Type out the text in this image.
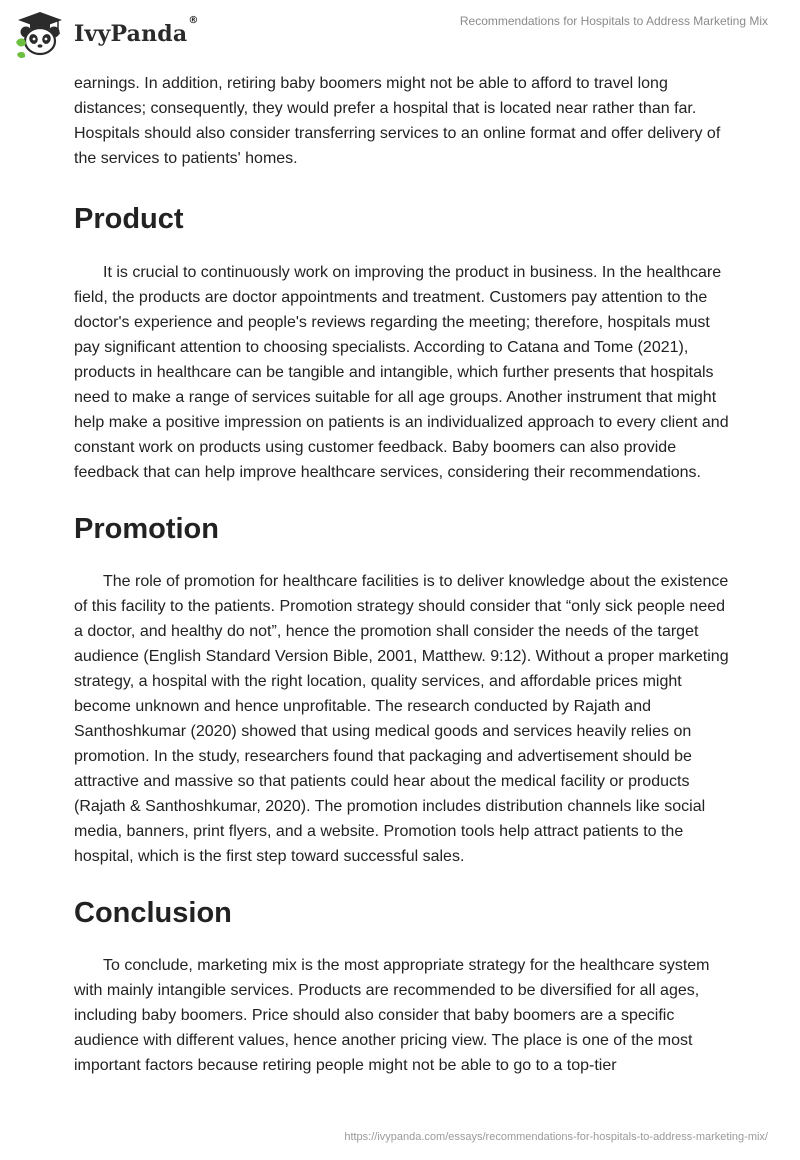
IvyPanda®	Recommendations for Hospitals to Address Marketing Mix

earnings. In addition, retiring baby boomers might not be able to afford to travel long distances; consequently, they would prefer a hospital that is located near rather than far. Hospitals should also consider transferring services to an online format and offer delivery of the services to patients' homes.

Product

It is crucial to continuously work on improving the product in business. In the healthcare field, the products are doctor appointments and treatment. Customers pay attention to the doctor's experience and people's reviews regarding the meeting; therefore, hospitals must pay significant attention to choosing specialists. According to Catana and Tome (2021), products in healthcare can be tangible and intangible, which further presents that hospitals need to make a range of services suitable for all age groups. Another instrument that might help make a positive impression on patients is an individualized approach to every client and constant work on products using customer feedback. Baby boomers can also provide feedback that can help improve healthcare services, considering their recommendations.

Promotion

The role of promotion for healthcare facilities is to deliver knowledge about the existence of this facility to the patients. Promotion strategy should consider that “only sick people need a doctor, and healthy do not”, hence the promotion shall consider the needs of the target audience (English Standard Version Bible, 2001, Matthew. 9:12). Without a proper marketing strategy, a hospital with the right location, quality services, and affordable prices might become unknown and hence unprofitable. The research conducted by Rajath and Santhoshkumar (2020) showed that using medical goods and services heavily relies on promotion. In the study, researchers found that packaging and advertisement should be attractive and massive so that patients could hear about the medical facility or products (Rajath & Santhoshkumar, 2020). The promotion includes distribution channels like social media, banners, print flyers, and a website. Promotion tools help attract patients to the hospital, which is the first step toward successful sales.

Conclusion

To conclude, marketing mix is the most appropriate strategy for the healthcare system with mainly intangible services. Products are recommended to be diversified for all ages, including baby boomers. Price should also consider that baby boomers are a specific audience with different values, hence another pricing view. The place is one of the most important factors because retiring people might not be able to go to a top-tier

https://ivypanda.com/essays/recommendations-for-hospitals-to-address-marketing-mix/
